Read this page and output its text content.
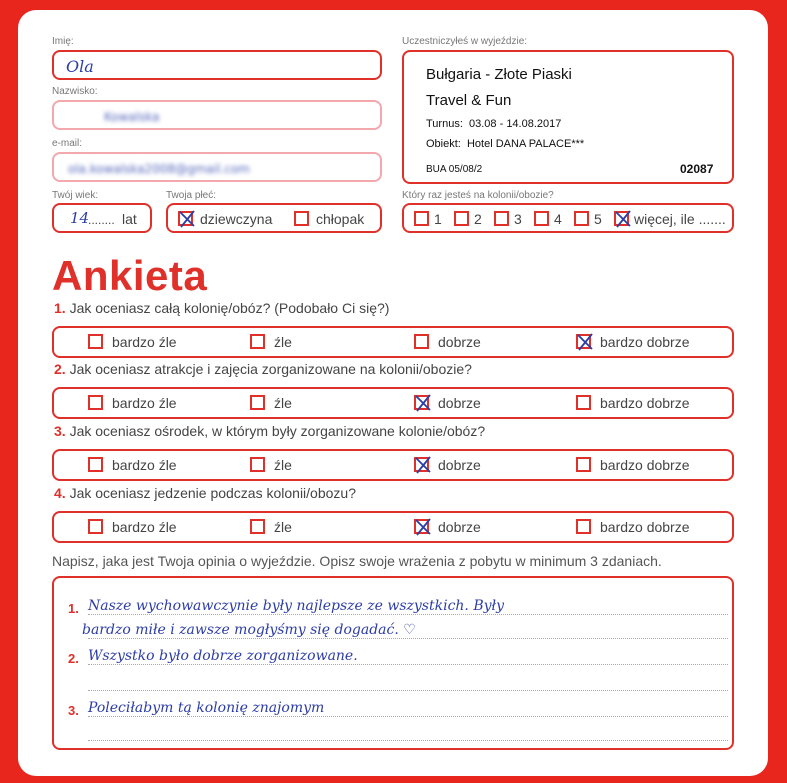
Imię:
Ola
Nazwisko:
Kowalska
e-mail:
ola.kowalska2008@gmail.com
Twój wiek:
14
........ lat
Twoja płeć:
dziewczyna	chłopak
Uczestniczyłeś w wyjeździe:
Bułgaria - Złote Piaski
Travel & Fun
Turnus: 03.08 - 14.08.2017
Obiekt: Hotel DANA PALACE***
BUA 05/08/2	02087
Który raz jesteś na kolonii/obozie?
1 2 3 4 5 więcej, ile .......
Ankieta
1. Jak oceniasz całą kolonię/obóz? (Podobało Ci się?)
bardzo źle	źle	dobrze	bardzo dobrze
2. Jak oceniasz atrakcje i zajęcia zorganizowane na kolonii/obozie?
bardzo źle	źle	dobrze	bardzo dobrze
3. Jak oceniasz ośrodek, w którym były zorganizowane kolonie/obóz?
bardzo źle	źle	dobrze	bardzo dobrze
4. Jak oceniasz jedzenie podczas kolonii/obozu?
bardzo źle	źle	dobrze	bardzo dobrze
Napisz, jaka jest Twoja opinia o wyjeździe. Opisz swoje wrażenia z pobytu w minimum 3 zdaniach.
1. Nasze wychowawczynie były najlepsze ze wszystkich. Były
bardzo miłe i zawsze mogłyśmy się dogadać. ♡
2. Wszystko było dobrze zorganizowane.
3. Poleciłabym tą kolonię znajomym
